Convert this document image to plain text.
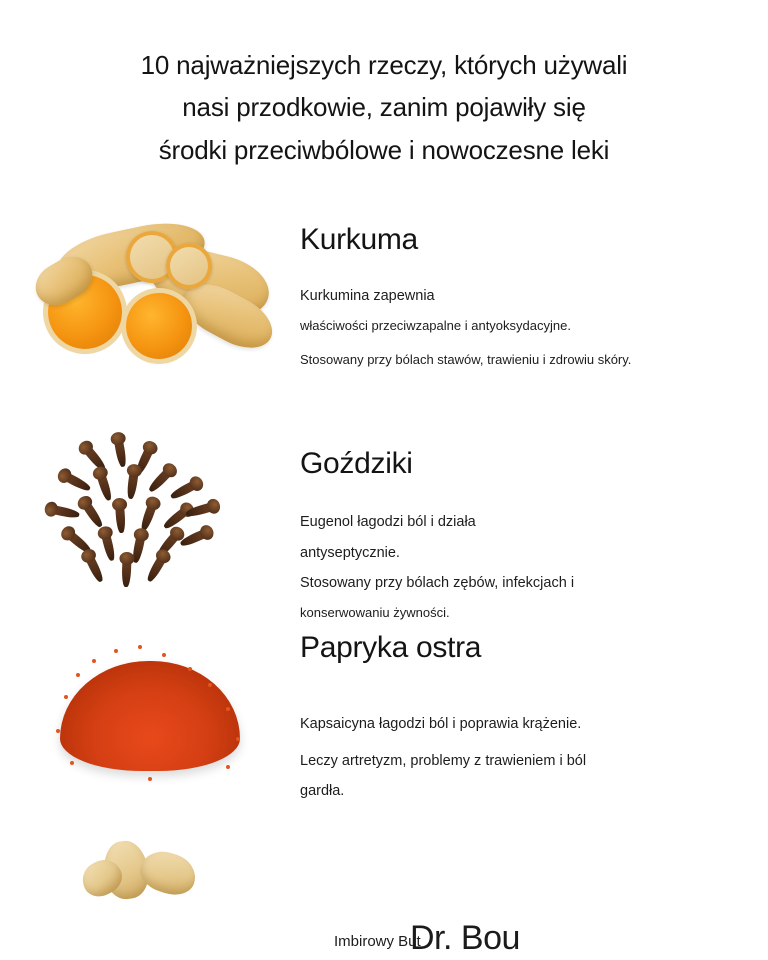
10 najważniejszych rzeczy, których używali
nasi przodkowie, zanim pojawiły się
środki przeciwbólowe i nowoczesne leki
Kurkuma

Kurkumina zapewnia

właściwości przeciwzapalne i antyoksydacyjne.

Stosowany przy bólach stawów, trawieniu i zdrowiu skóry.

Goździki

Eugenol łagodzi ból i działa

antyseptycznie.

Stosowany przy bólach zębów, infekcjach i

konserwowaniu żywności.

Papryka ostra

Kapsaicyna łagodzi ból i poprawia krążenie.

Leczy artretyzm, problemy z trawieniem i ból

gardła.

Imbirowy But
Dr. Bou
